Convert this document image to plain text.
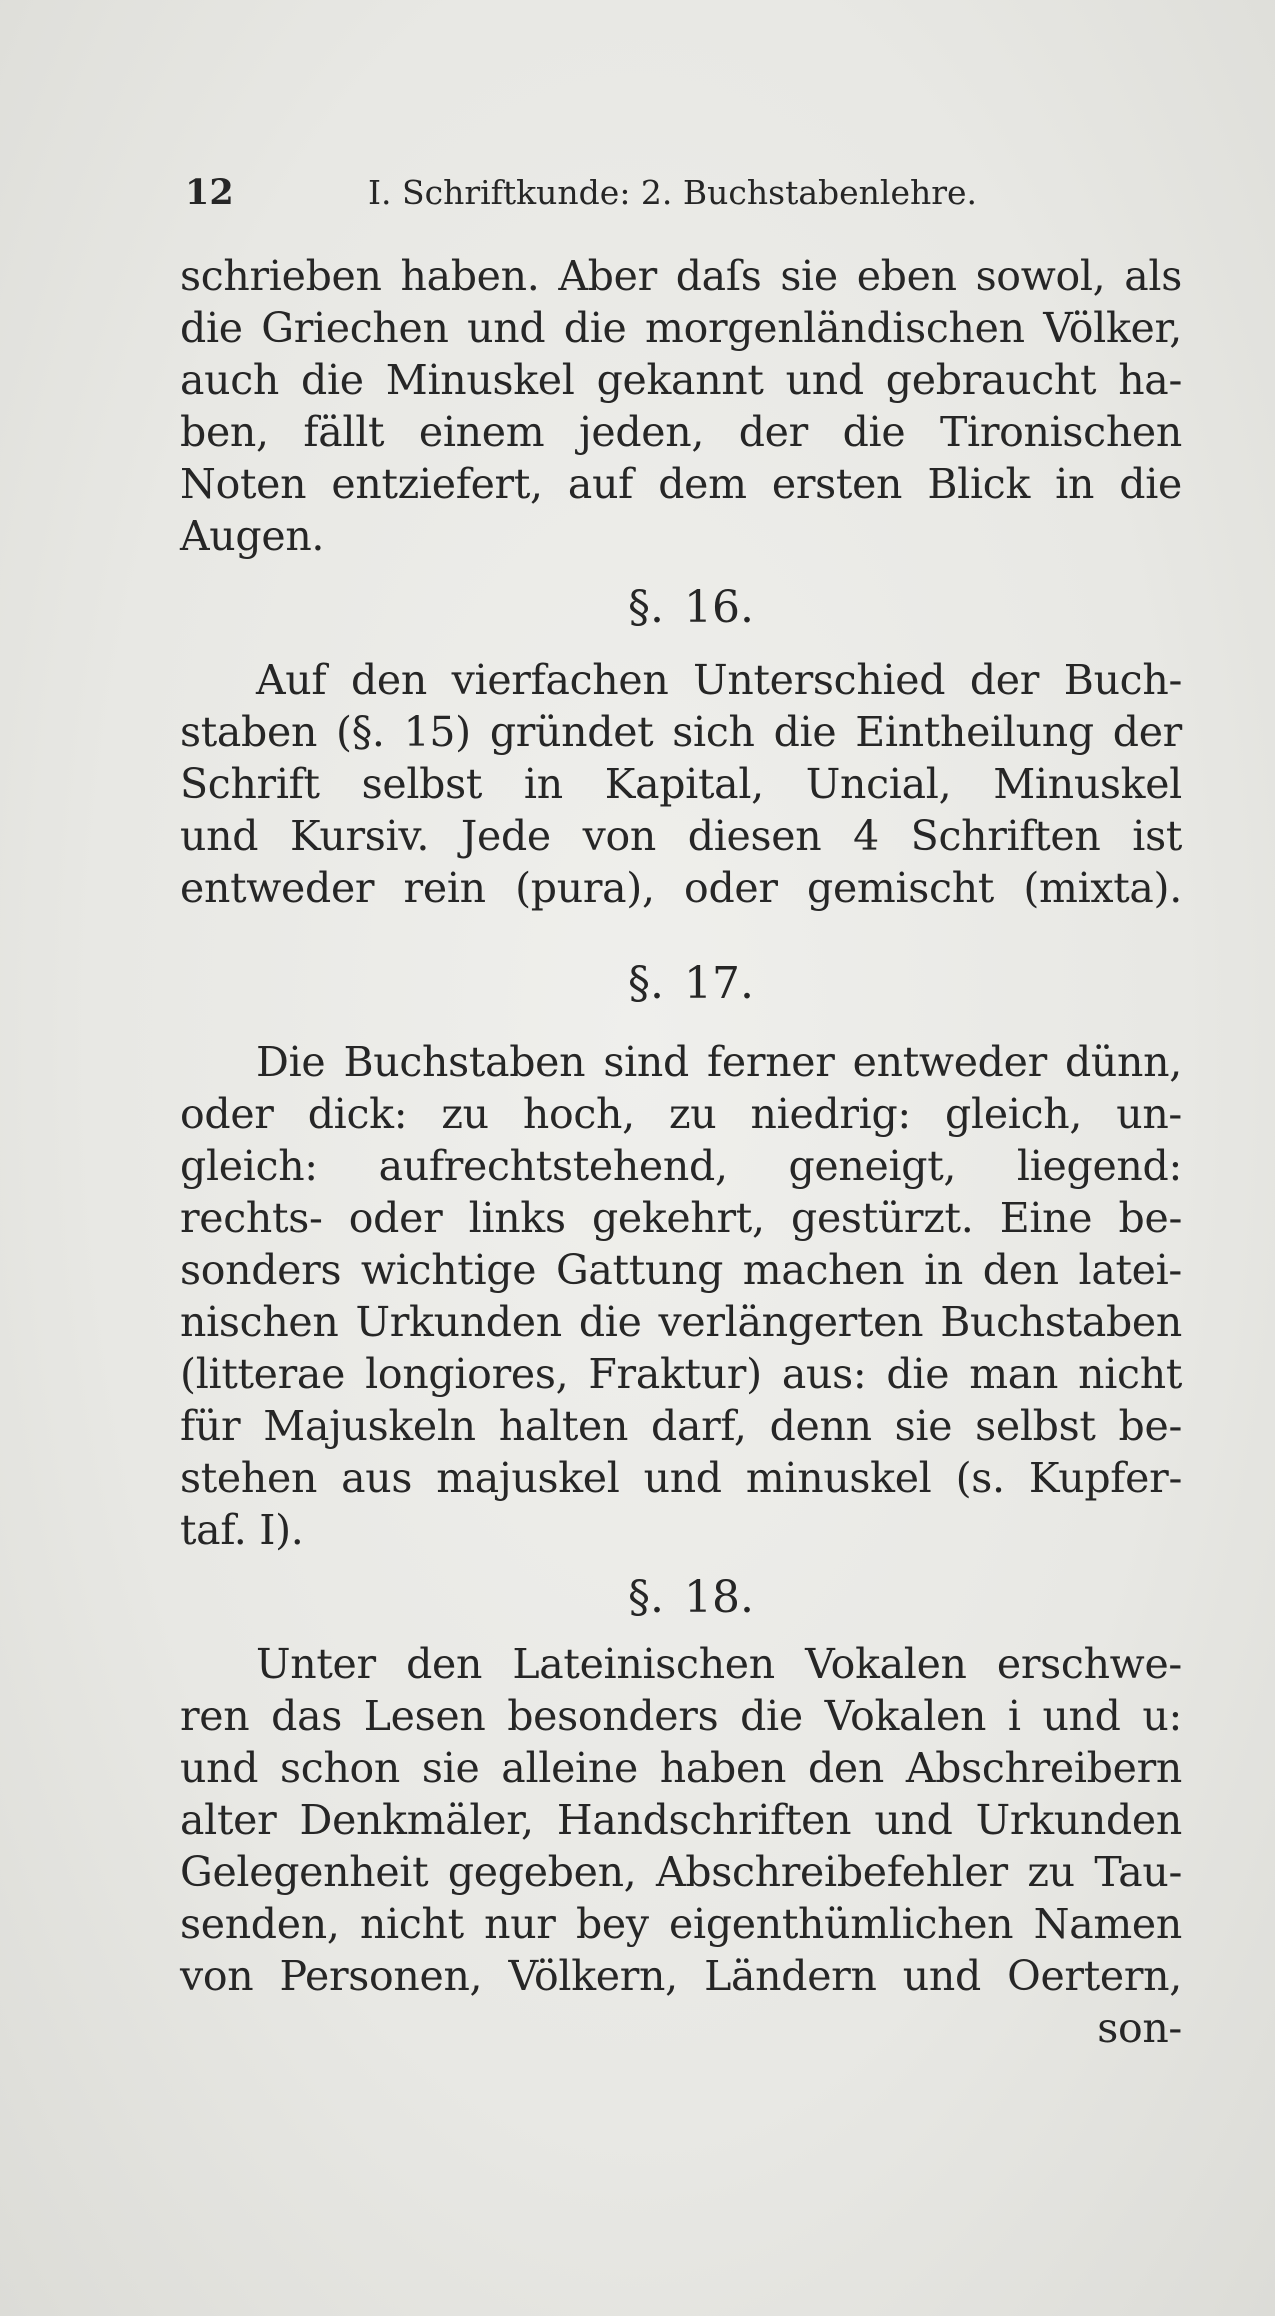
12	I. Schriftkunde: 2. Buchstabenlehre.
schrieben haben. Aber daſs sie eben sowol, als
die Griechen und die morgenländischen Völker,
auch die Minuskel gekannt und gebraucht ha-
ben, fällt einem jeden, der die Tironischen
Noten entziefert, auf dem ersten Blick in die
Augen.
§. 16.
Auf den vierfachen Unterschied der Buch-
staben (§. 15) gründet sich die Eintheilung der
Schrift selbst in Kapital, Uncial, Minuskel
und Kursiv. Jede von diesen 4 Schriften ist
entweder rein (pura), oder gemischt (mixta).
§. 17.
Die Buchstaben sind ferner entweder dünn,
oder dick: zu hoch, zu niedrig: gleich, un-
gleich: aufrechtstehend, geneigt, liegend:
rechts- oder links gekehrt, gestürzt. Eine be-
sonders wichtige Gattung machen in den latei-
nischen Urkunden die verlängerten Buchstaben
(litterae longiores, Fraktur) aus: die man nicht
für Majuskeln halten darf, denn sie selbst be-
stehen aus majuskel und minuskel (s. Kupfer-
taf. I).
§. 18.
Unter den Lateinischen Vokalen erschwe-
ren das Lesen besonders die Vokalen i und u:
und schon sie alleine haben den Abschreibern
alter Denkmäler, Handschriften und Urkunden
Gelegenheit gegeben, Abschreibefehler zu Tau-
senden, nicht nur bey eigenthümlichen Namen
von Personen, Völkern, Ländern und Oertern,
son-
